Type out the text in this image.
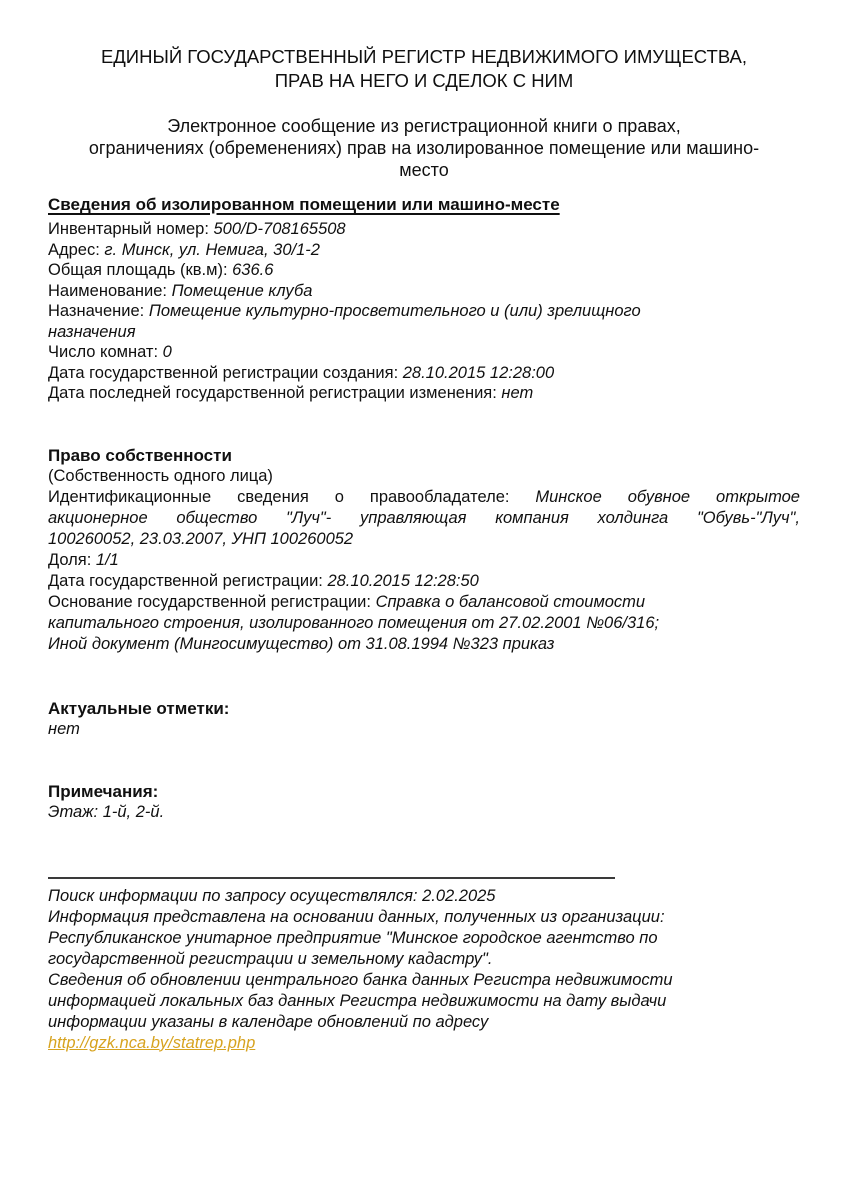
ЕДИНЫЙ ГОСУДАРСТВЕННЫЙ РЕГИСТР НЕДВИЖИМОГО ИМУЩЕСТВА,
ПРАВ НА НЕГО И СДЕЛОК С НИМ
Электронное сообщение из регистрационной книги о правах,
ограничениях (обременениях) прав на изолированное помещение или машино-
место
Сведения об изолированном помещении или машино-месте
Инвентарный номер: 500/D-708165508
Адрес: г. Минск, ул. Немига, 30/1-2
Общая площадь (кв.м): 636.6
Наименование: Помещение клуба
Назначение: Помещение культурно-просветительного и (или) зрелищного
назначения
Число комнат: 0
Дата государственной регистрации создания: 28.10.2015 12:28:00
Дата последней государственной регистрации изменения: нет
Право собственности
(Собственность одного лица)
Идентификационные сведения о правообладателе: Минское обувное открытое
акционерное общество "Луч"- управляющая компания холдинга "Обувь-"Луч",
100260052, 23.03.2007, УНП 100260052
Доля: 1/1
Дата государственной регистрации: 28.10.2015 12:28:50
Основание государственной регистрации: Справка о балансовой стоимости
капитального строения, изолированного помещения от 27.02.2001 №06/316;
Иной документ (Мингосимущество) от 31.08.1994 №323 приказ
Актуальные отметки:
нет
Примечания:
Этаж: 1-й, 2-й.
Поиск информации по запросу осуществлялся: 2.02.2025
Информация представлена на основании данных, полученных из организации:
Республиканское унитарное предприятие "Минское городское агентство по
государственной регистрации и земельному кадастру".
Сведения об обновлении центрального банка данных Регистра недвижимости
информацией локальных баз данных Регистра недвижимости на дату выдачи
информации указаны в календаре обновлений по адресу
http://gzk.nca.by/statrep.php
